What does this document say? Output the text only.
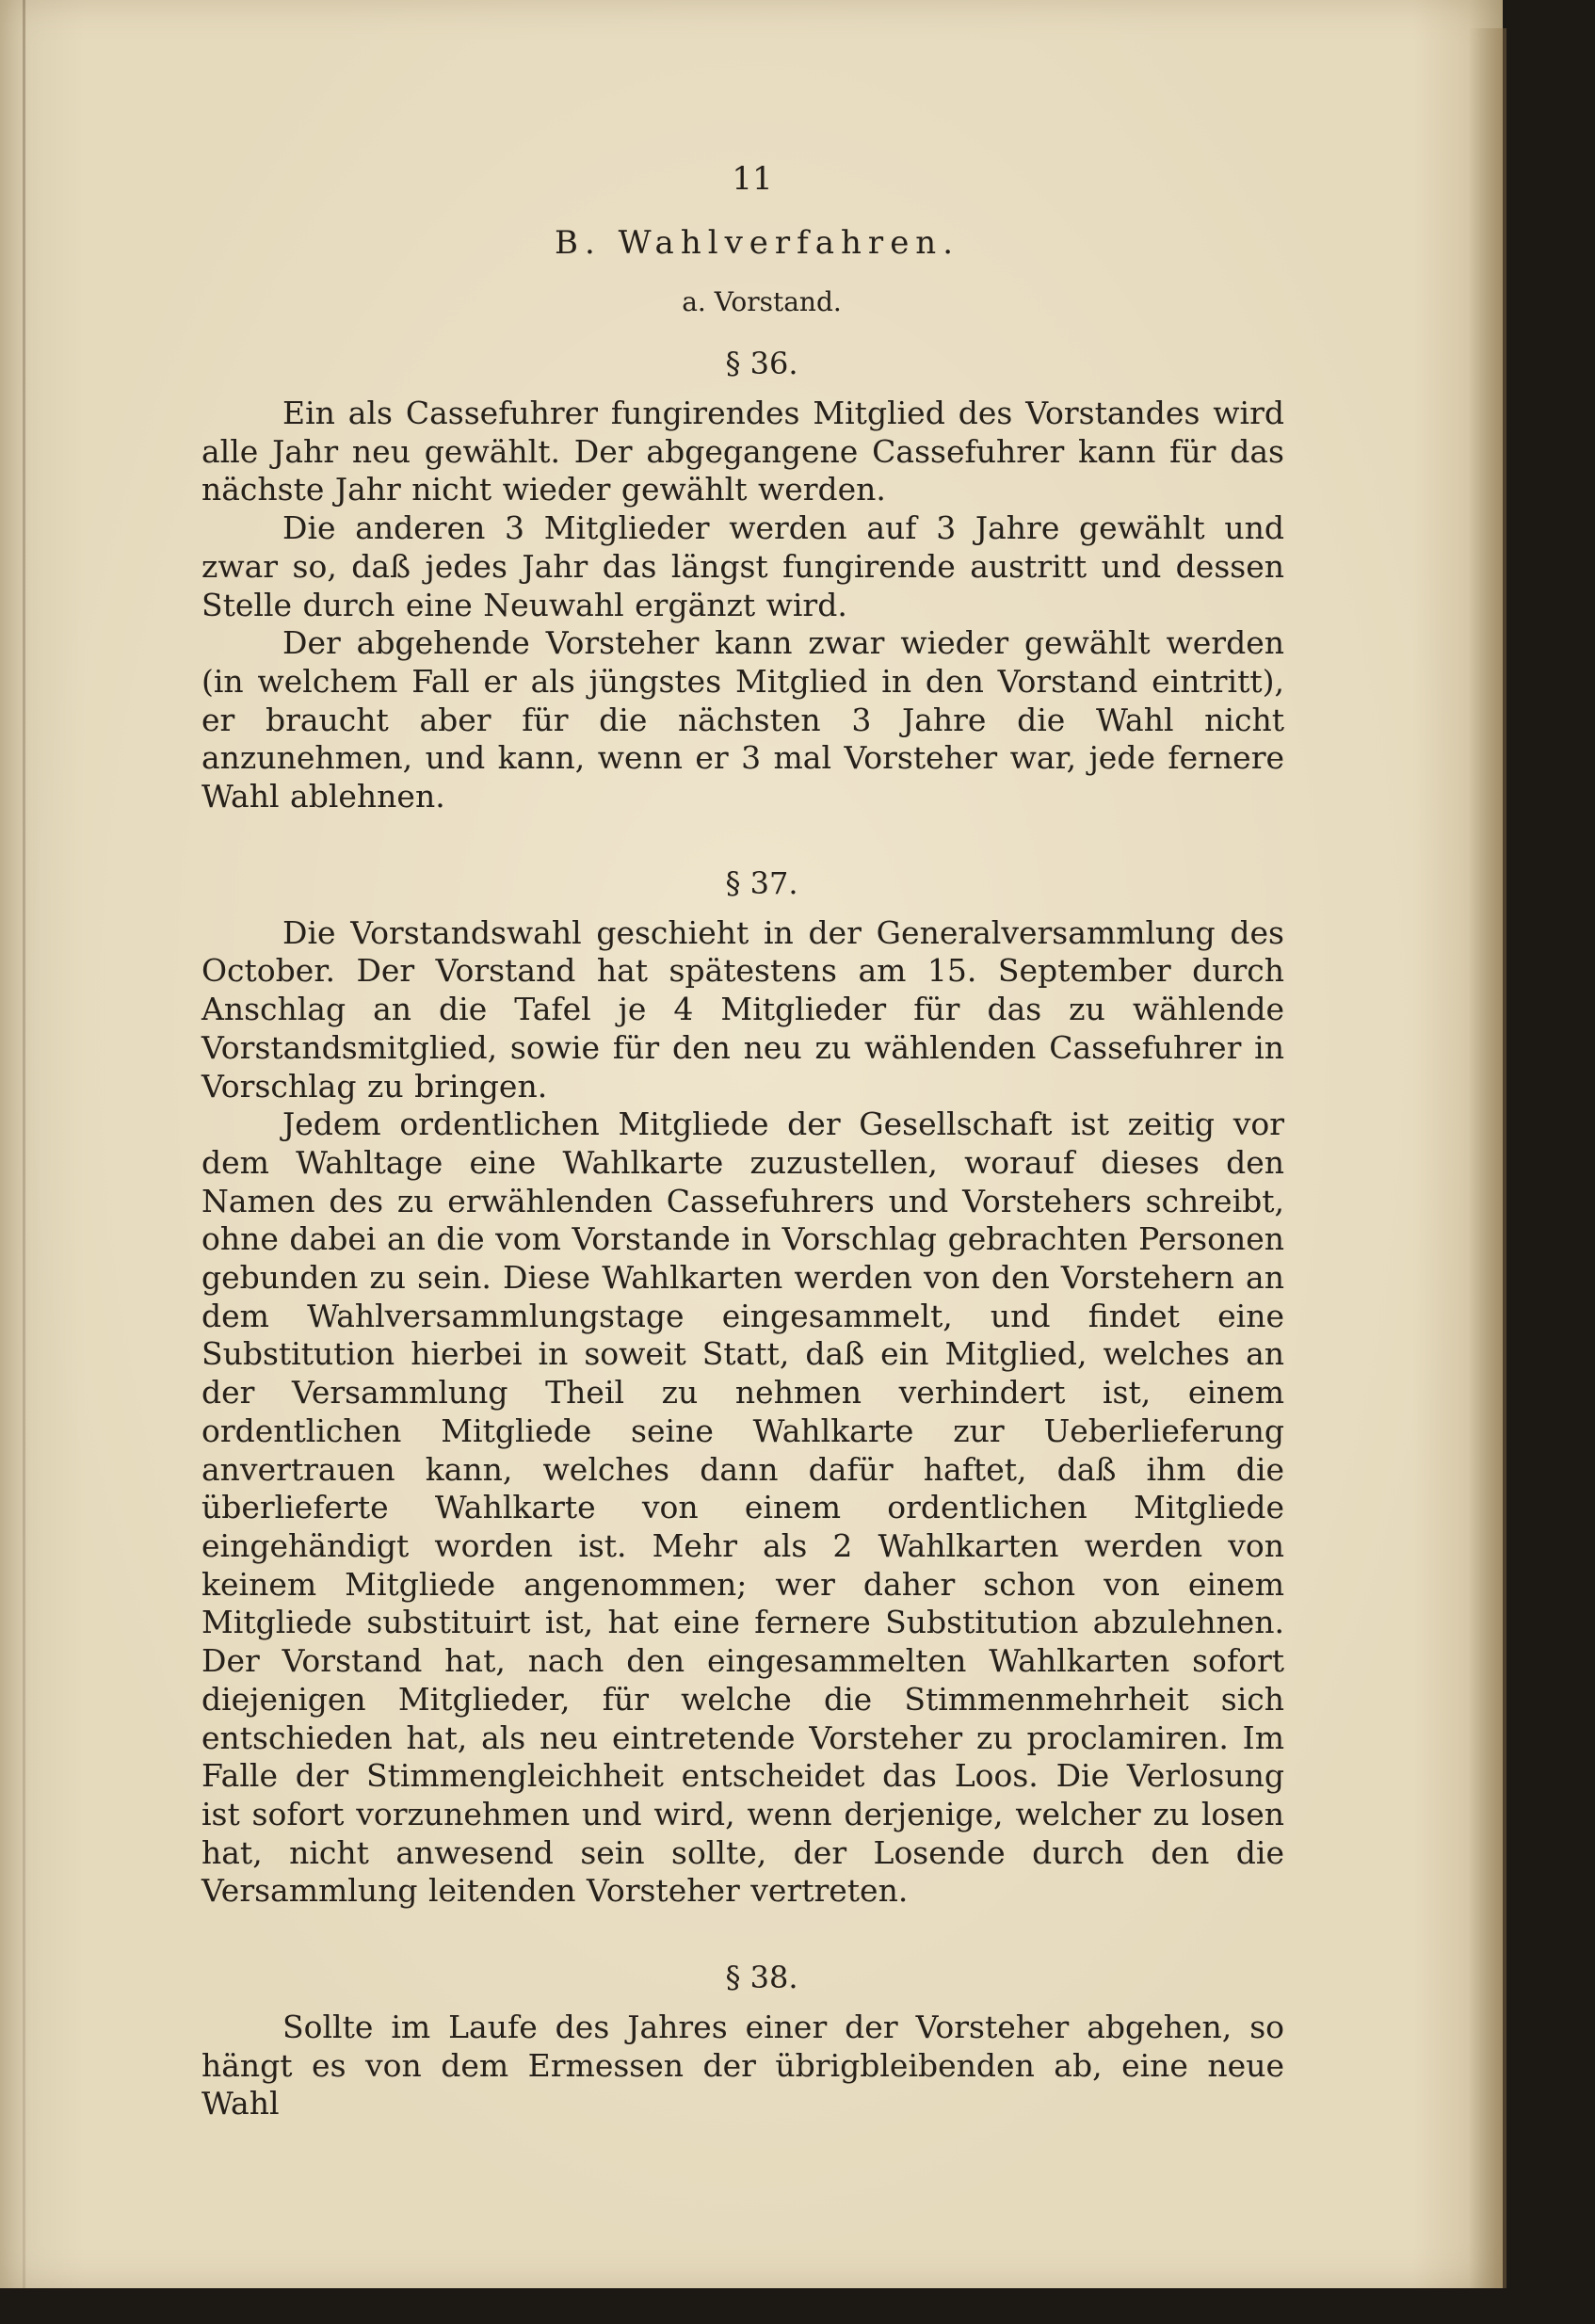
11
B. Wahlverfahren.
a. Vorstand.
§ 36.

Ein als Cassefuhrer fungirendes Mitglied des Vorstandes wird alle Jahr neu gewählt. Der abgegangene Cassefuhrer kann für das nächste Jahr nicht wieder gewählt werden.

Die anderen 3 Mitglieder werden auf 3 Jahre gewählt und zwar so, daß jedes Jahr das längst fungirende austritt und dessen Stelle durch eine Neuwahl ergänzt wird.

Der abgehende Vorsteher kann zwar wieder gewählt werden (in welchem Fall er als jüngstes Mitglied in den Vorstand eintritt), er braucht aber für die nächsten 3 Jahre die Wahl nicht anzunehmen, und kann, wenn er 3 mal Vorsteher war, jede fernere Wahl ablehnen.

§ 37.

Die Vorstandswahl geschieht in der Generalversammlung des October. Der Vorstand hat spätestens am 15. September durch Anschlag an die Tafel je 4 Mitglieder für das zu wählende Vorstandsmitglied, sowie für den neu zu wählenden Cassefuhrer in Vorschlag zu bringen.

Jedem ordentlichen Mitgliede der Gesellschaft ist zeitig vor dem Wahltage eine Wahlkarte zuzustellen, worauf dieses den Namen des zu erwählenden Cassefuhrers und Vorstehers schreibt, ohne dabei an die vom Vorstande in Vorschlag gebrachten Personen gebunden zu sein. Diese Wahlkarten werden von den Vorstehern an dem Wahlversammlungstage eingesammelt, und findet eine Substitution hierbei in soweit Statt, daß ein Mitglied, welches an der Versammlung Theil zu nehmen verhindert ist, einem ordentlichen Mitgliede seine Wahlkarte zur Ueberlieferung anvertrauen kann, welches dann dafür haftet, daß ihm die überlieferte Wahlkarte von einem ordentlichen Mitgliede eingehändigt worden ist. Mehr als 2 Wahlkarten werden von keinem Mitgliede angenommen; wer daher schon von einem Mitgliede substituirt ist, hat eine fernere Substitution abzulehnen. Der Vorstand hat, nach den eingesammelten Wahlkarten sofort diejenigen Mitglieder, für welche die Stimmenmehrheit sich entschieden hat, als neu eintretende Vorsteher zu proclamiren. Im Falle der Stimmengleichheit entscheidet das Loos. Die Verlosung ist sofort vorzunehmen und wird, wenn derjenige, welcher zu losen hat, nicht anwesend sein sollte, der Losende durch den die Versammlung leitenden Vorsteher vertreten.

§ 38.

Sollte im Laufe des Jahres einer der Vorsteher abgehen, so hängt es von dem Ermessen der übrigbleibenden ab, eine neue Wahl
